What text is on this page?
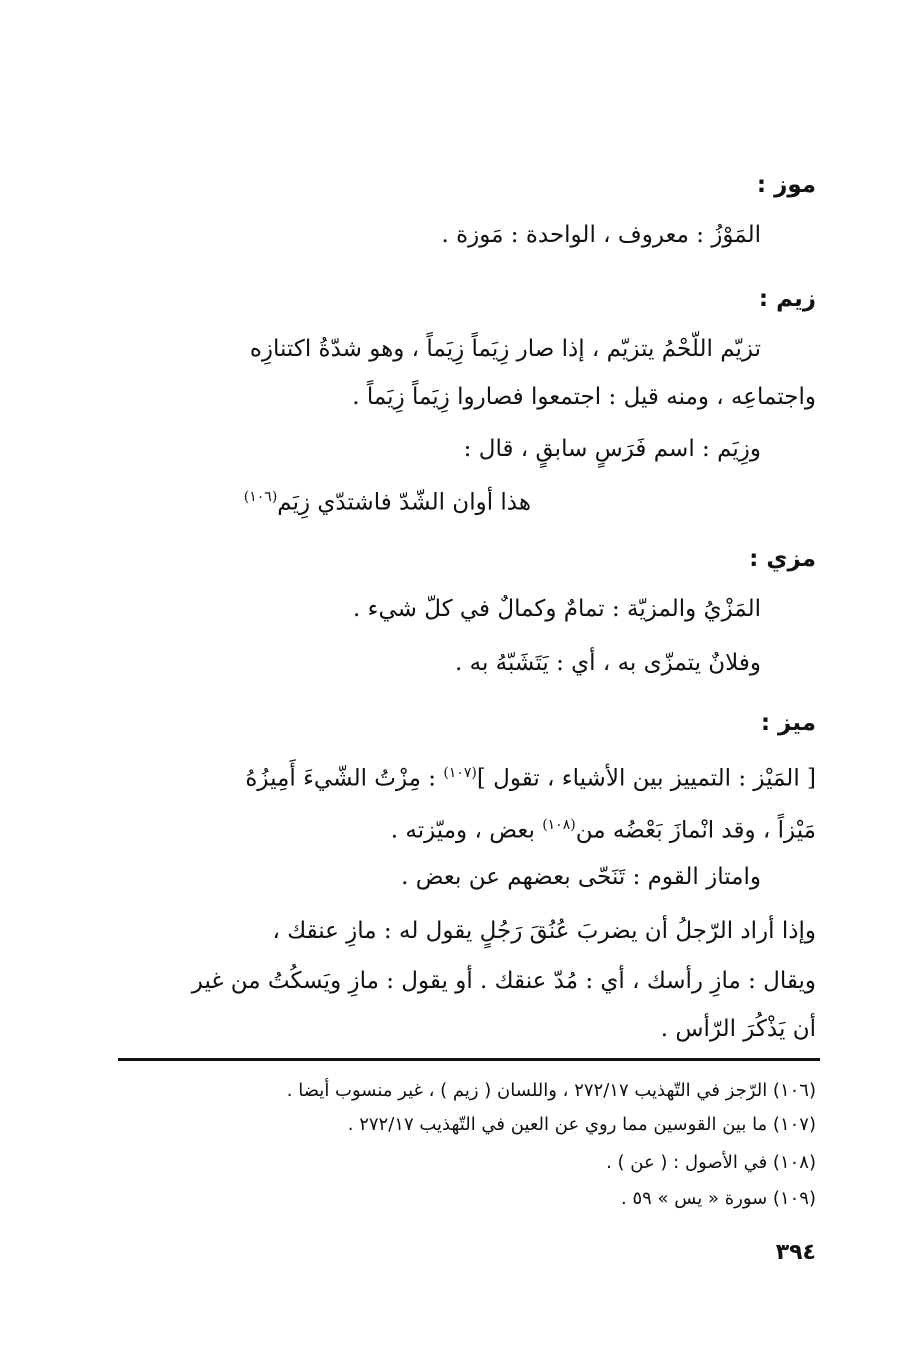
موز :
المَوْزُ : معروف ، الواحدة : مَوزة .
زيم :
تزيّم اللّحْمُ يتزيّم ، إذا صار زِيَماً زِيَماً ، وهو شدّةُ اكتنازِه
واجتماعِه ، ومنه قيل : اجتمعوا فصاروا زِيَماً زِيَماً .
وزِيَم : اسم فَرَسٍ سابقٍ ، قال :
هذا أوان الشّدّ فاشتدّي زِيَم$^{(١٠٦)}$
مزي :
المَزْيُ والمزيّة : تمامٌ وكمالٌ في كلّ شيء .
وفلانٌ يتمزّى به ، أي : يَتَشَبّهُ به .
ميز :
[ المَيْز : التمييز بين الأشياء ، تقول ]$^{(١٠٧)}$ : مِزْتُ الشّيءَ أَمِيزُهُ
مَيْزاً ، وقد انْمازَ بَعْضُه من$^{(١٠٨)}$ بعض ، وميّزته .
وامتاز القوم : تَنَحّى بعضهم عن بعض .
وإذا أراد الرّجلُ أن يضربَ عُنُقَ رَجُلٍ يقول له : مازِ عنقك ،
ويقال : مازِ رأسك ، أي : مُدّ عنقك . أو يقول : مازِ ويَسكُتُ من غير
أن يَذْكُرَ الرّأس .
(١٠٦) الرّجز في التّهذيب ٢٧٢/١٧ ، واللسان ( زيم ) ، غير منسوب أيضا .
(١٠٧) ما بين القوسين مما روي عن العين في التّهذيب ٢٧٢/١٧ .
(١٠٨) في الأصول : ( عن ) .
(١٠٩) سورة « يس » ٥٩ .
٣٩٤
